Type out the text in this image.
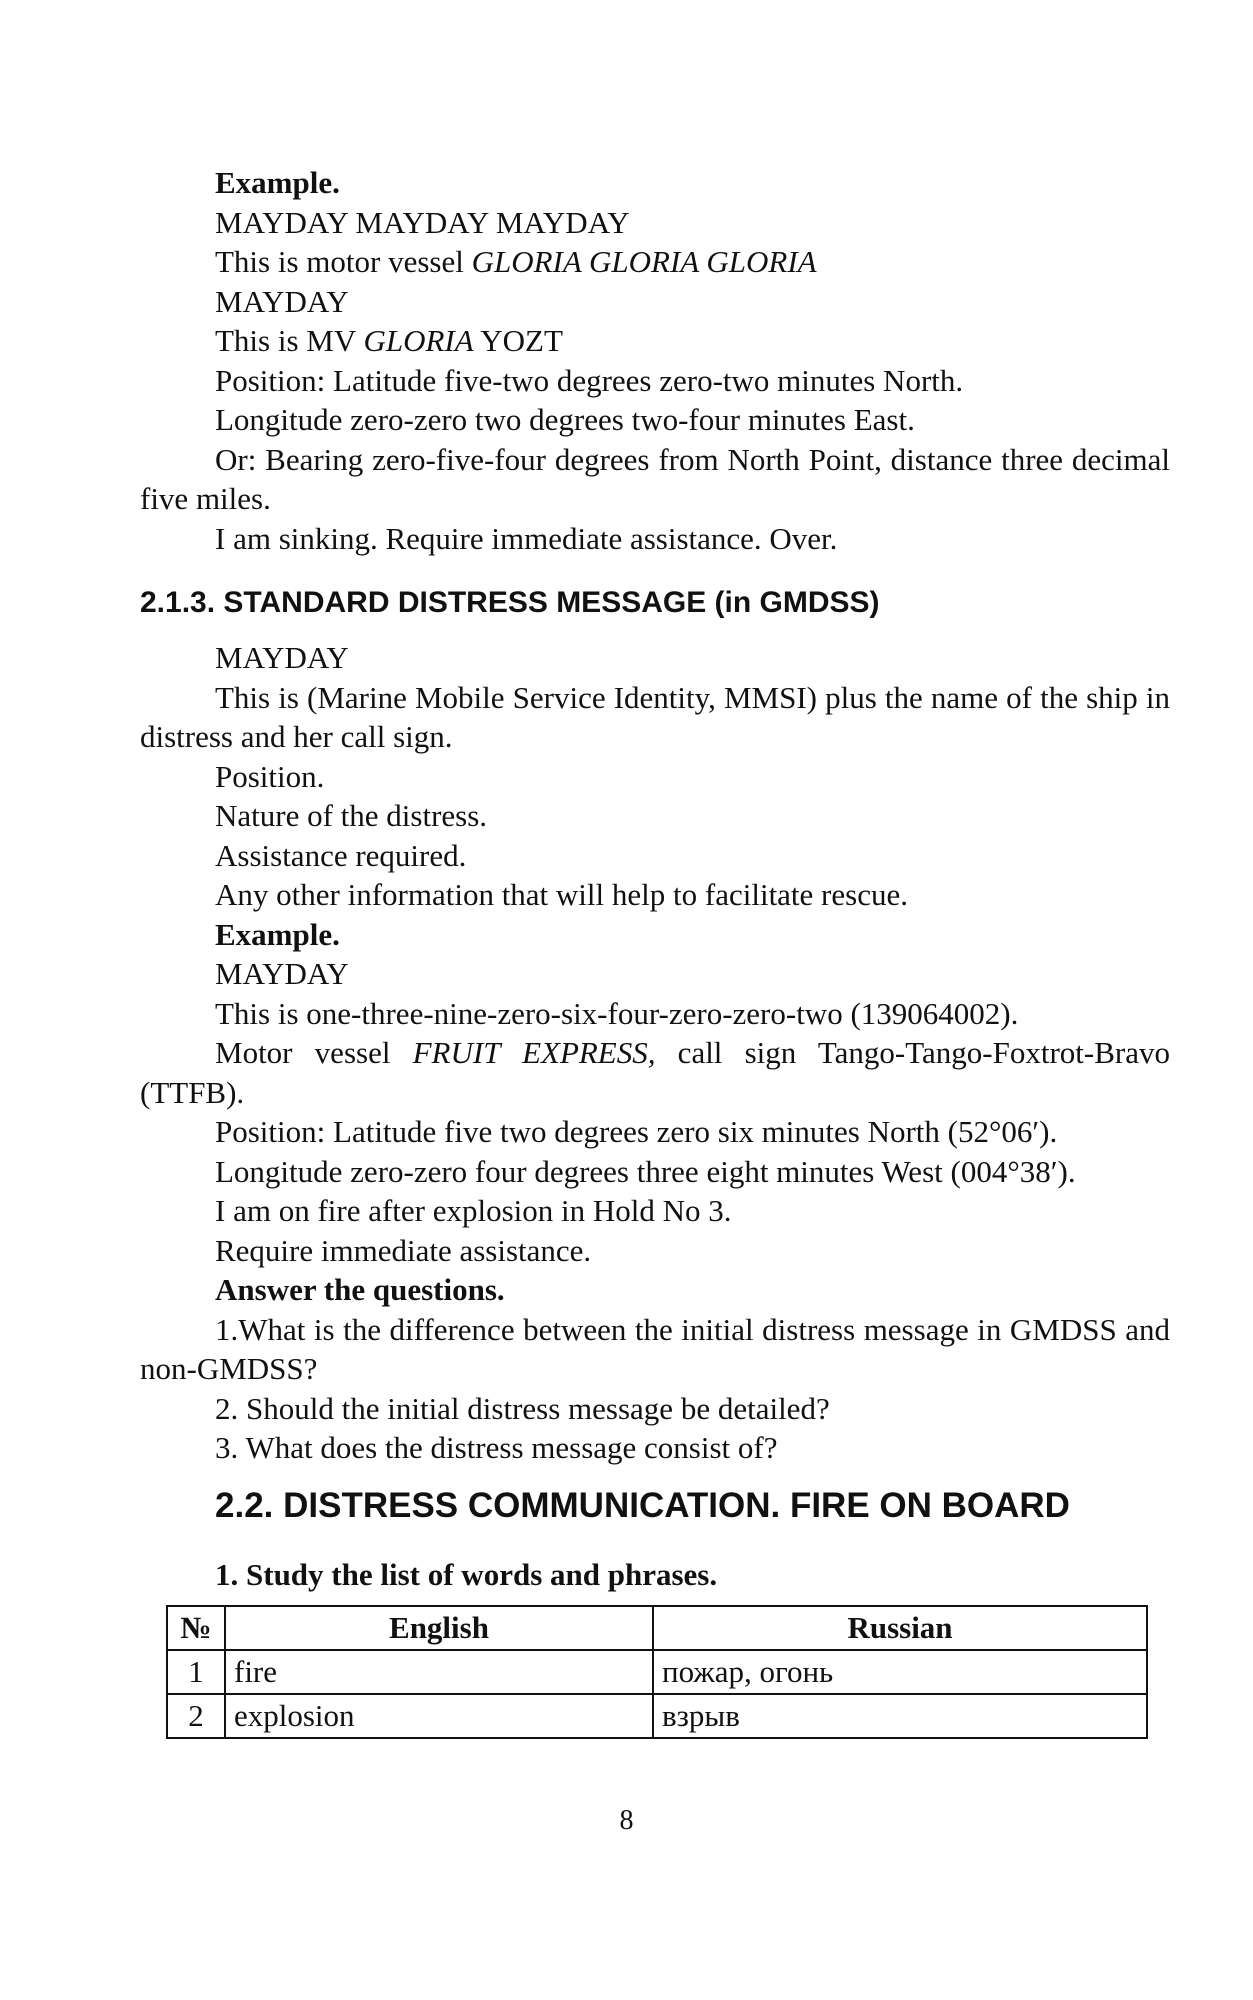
Example.

MAYDAY MAYDAY MAYDAY

This is motor vessel GLORIA GLORIA GLORIA

MAYDAY

This is MV GLORIA YOZT

Position: Latitude five-two degrees zero-two minutes North.

Longitude zero-zero two degrees two-four minutes East.

Or: Bearing zero-five-four degrees from North Point, distance three decimal five miles.

I am sinking. Require immediate assistance. Over.

2.1.3. STANDARD DISTRESS MESSAGE (in GMDSS)

MAYDAY

This is (Marine Mobile Service Identity, MMSI) plus the name of the ship in distress and her call sign.

Position.

Nature of the distress.

Assistance required.

Any other information that will help to facilitate rescue.

Example.

MAYDAY

This is one-three-nine-zero-six-four-zero-zero-two (139064002).

Motor vessel FRUIT EXPRESS, call sign Tango-Tango-Foxtrot-Bravo (TTFB).

Position: Latitude five two degrees zero six minutes North (52°06′).

Longitude zero-zero four degrees three eight minutes West (004°38′).

I am on fire after explosion in Hold No 3.

Require immediate assistance.

Answer the questions.

1.What is the difference between the initial distress message in GMDSS and non-GMDSS?

2. Should the initial distress message be detailed?

3. What does the distress message consist of?

2.2. DISTRESS COMMUNICATION. FIRE ON BOARD

1. Study the list of words and phrases.

№	English	Russian
1	fire	пожар, огонь
2	explosion	взрыв
8
